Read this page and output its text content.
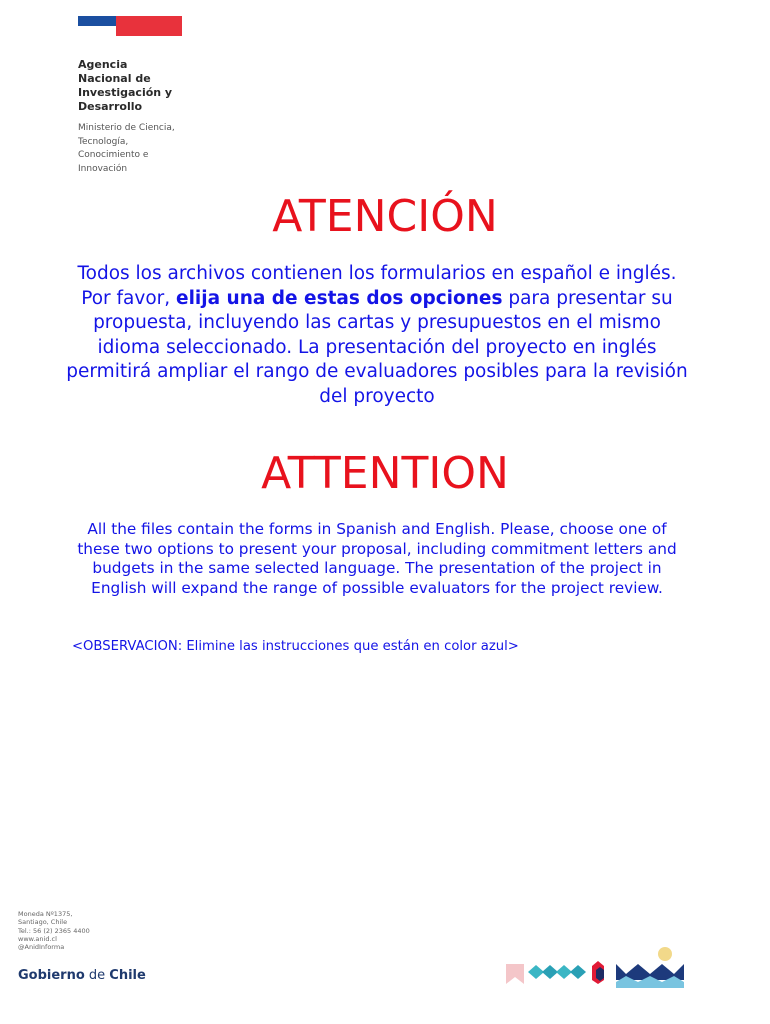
Agencia
Nacional de
Investigación y
Desarrollo
Ministerio de Ciencia,
Tecnología,
Conocimiento e
Innovación
ATENCIÓN

Todos los archivos contienen los formularios en español e inglés. Por favor, elija una de estas dos opciones para presentar su propuesta, incluyendo las cartas y presupuestos en el mismo idioma seleccionado. La presentación del proyecto en inglés permitirá ampliar el rango de evaluadores posibles para la revisión del proyecto

ATTENTION

All the files contain the forms in Spanish and English. Please, choose one of these two options to present your proposal, including commitment letters and budgets in the same selected language. The presentation of the project in English will expand the range of possible evaluators for the project review.

<OBSERVACION: Elimine las instrucciones que están en color azul>

Moneda Nº1375,
Santiago, Chile
Tel.: 56 (2) 2365 4400
www.anid.cl
@AnidInforma
Gobierno de Chile
